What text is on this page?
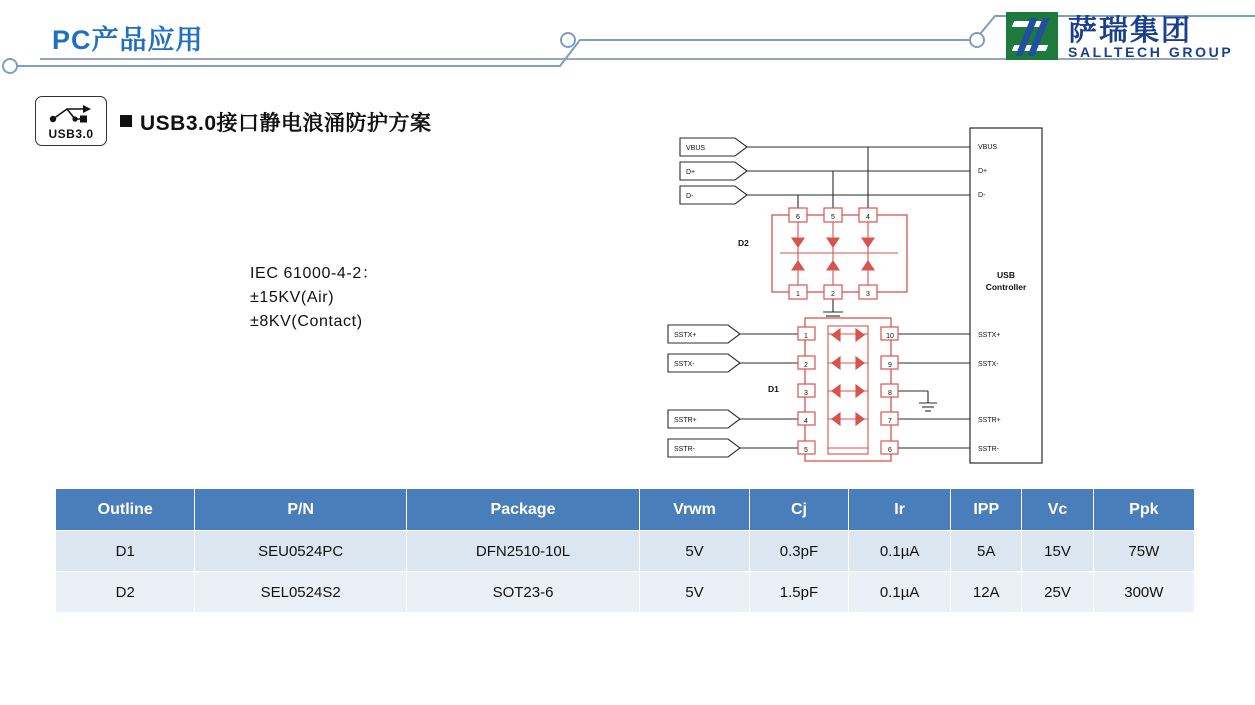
PC产品应用	萨瑞集团
SALLTECH GROUP
USB3.0	USB3.0接口静电浪涌防护方案
IEC 61000-4-2：
±15KV(Air)
±8KV(Contact)
D2
6	5	4
1	2	3
D1
1
2
3
4
5
10
9
8
7
6
VBUS
D+
D-
SSTX+
SSTX-
SSTR+
SSTR-
USB
Controller
VBUS
D+
D-
SSTX+
SSTX-
SSTR+
SSTR-
Outline	P/N	Package	Vrwm	Cj	Ir	IPP	Vc	Ppk
D1	SEU0524PC	DFN2510-10L	5V	0.3pF	0.1µA	5A	15V	75W
D2	SEL0524S2	SOT23-6	5V	1.5pF	0.1µA	12A	25V	300W
